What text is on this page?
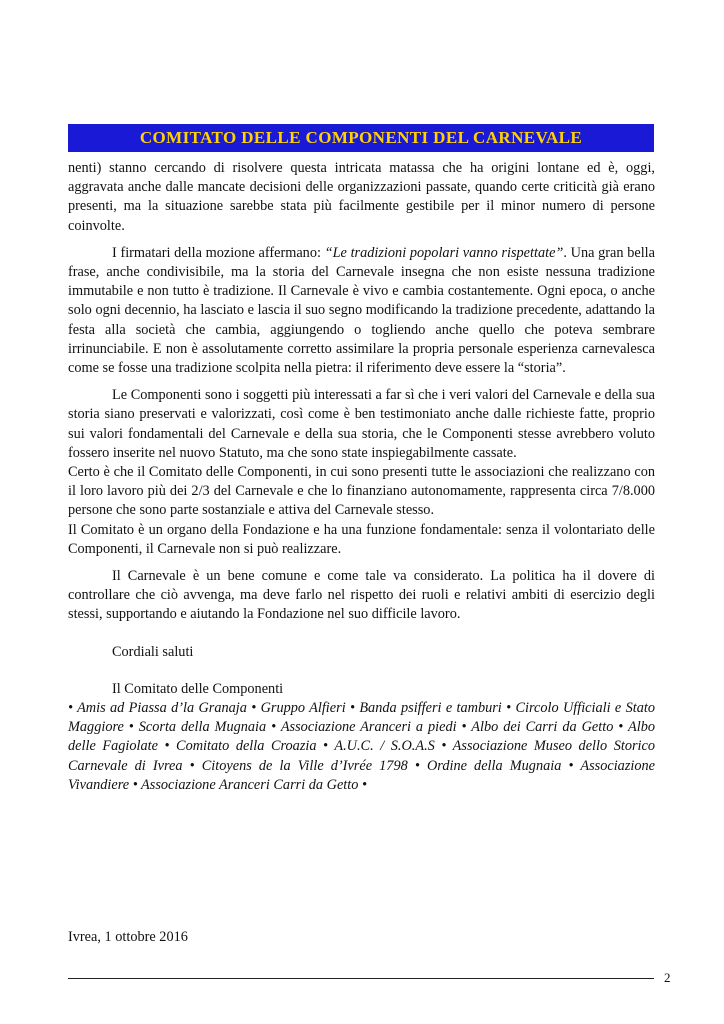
COMITATO DELLE COMPONENTI DEL CARNEVALE

nenti) stanno cercando di risolvere questa intricata matassa che ha origini lontane ed è, oggi, aggravata anche dalle mancate decisioni delle organizzazioni passate, quando certe criticità già erano presenti, ma la situazione sarebbe stata più facilmente gestibile per il minor numero di persone coinvolte.

I firmatari della mozione affermano: “Le tradizioni popolari vanno rispettate”. Una gran bella frase, anche condivisibile, ma la storia del Carnevale insegna che non esiste nessuna tradizione immutabile e non tutto è tradizione. Il Carnevale è vivo e cambia costantemente. Ogni epoca, o anche solo ogni decennio, ha lasciato e lascia il suo segno modificando la tradizione precedente, adattando la festa alla società che cambia, aggiungendo o togliendo anche quello che poteva sembrare irrinunciabile. E non è assolutamente corretto assimilare la propria personale esperienza carnevalesca come se fosse una tradizione scolpita nella pietra: il riferimento deve essere la “storia”.

Le Componenti sono i soggetti più interessati a far sì che i veri valori del Carnevale e della sua storia siano preservati e valorizzati, così come è ben testimoniato anche dalle richieste fatte, proprio sui valori fondamentali del Carnevale e della sua storia, che le Componenti stesse avrebbero voluto fossero inserite nel nuovo Statuto, ma che sono state inspiegabilmente cassate.

Certo è che il Comitato delle Componenti, in cui sono presenti tutte le associazioni che realizzano con il loro lavoro più dei 2/3 del Carnevale e che lo finanziano autonomamente, rappresenta circa 7/8.000 persone che sono parte sostanziale e attiva del Carnevale stesso.

Il Comitato è un organo della Fondazione e ha una funzione fondamentale: senza il volontariato delle Componenti, il Carnevale non si può realizzare.

Il Carnevale è un bene comune e come tale va considerato. La politica ha il dovere di controllare che ciò avvenga, ma deve farlo nel rispetto dei ruoli e relativi ambiti di esercizio degli stessi, supportando e aiutando la Fondazione nel suo difficile lavoro.

Cordiali saluti

Il Comitato delle Componenti

• Amis ad Piassa d’la Granaja • Gruppo Alfieri • Banda psifferi e tamburi • Circolo Ufficiali e Stato Maggiore • Scorta della Mugnaia • Associazione Aranceri a piedi • Albo dei Carri da Getto • Albo delle Fagiolate • Comitato della Croazia • A.U.C. / S.O.A.S • Associazione Museo dello Storico Carnevale di Ivrea • Citoyens de la Ville d’Ivrée 1798 • Ordine della Mugnaia • Associazione Vivandiere • Associazione Aranceri Carri da Getto •

Ivrea, 1 ottobre 2016
2
